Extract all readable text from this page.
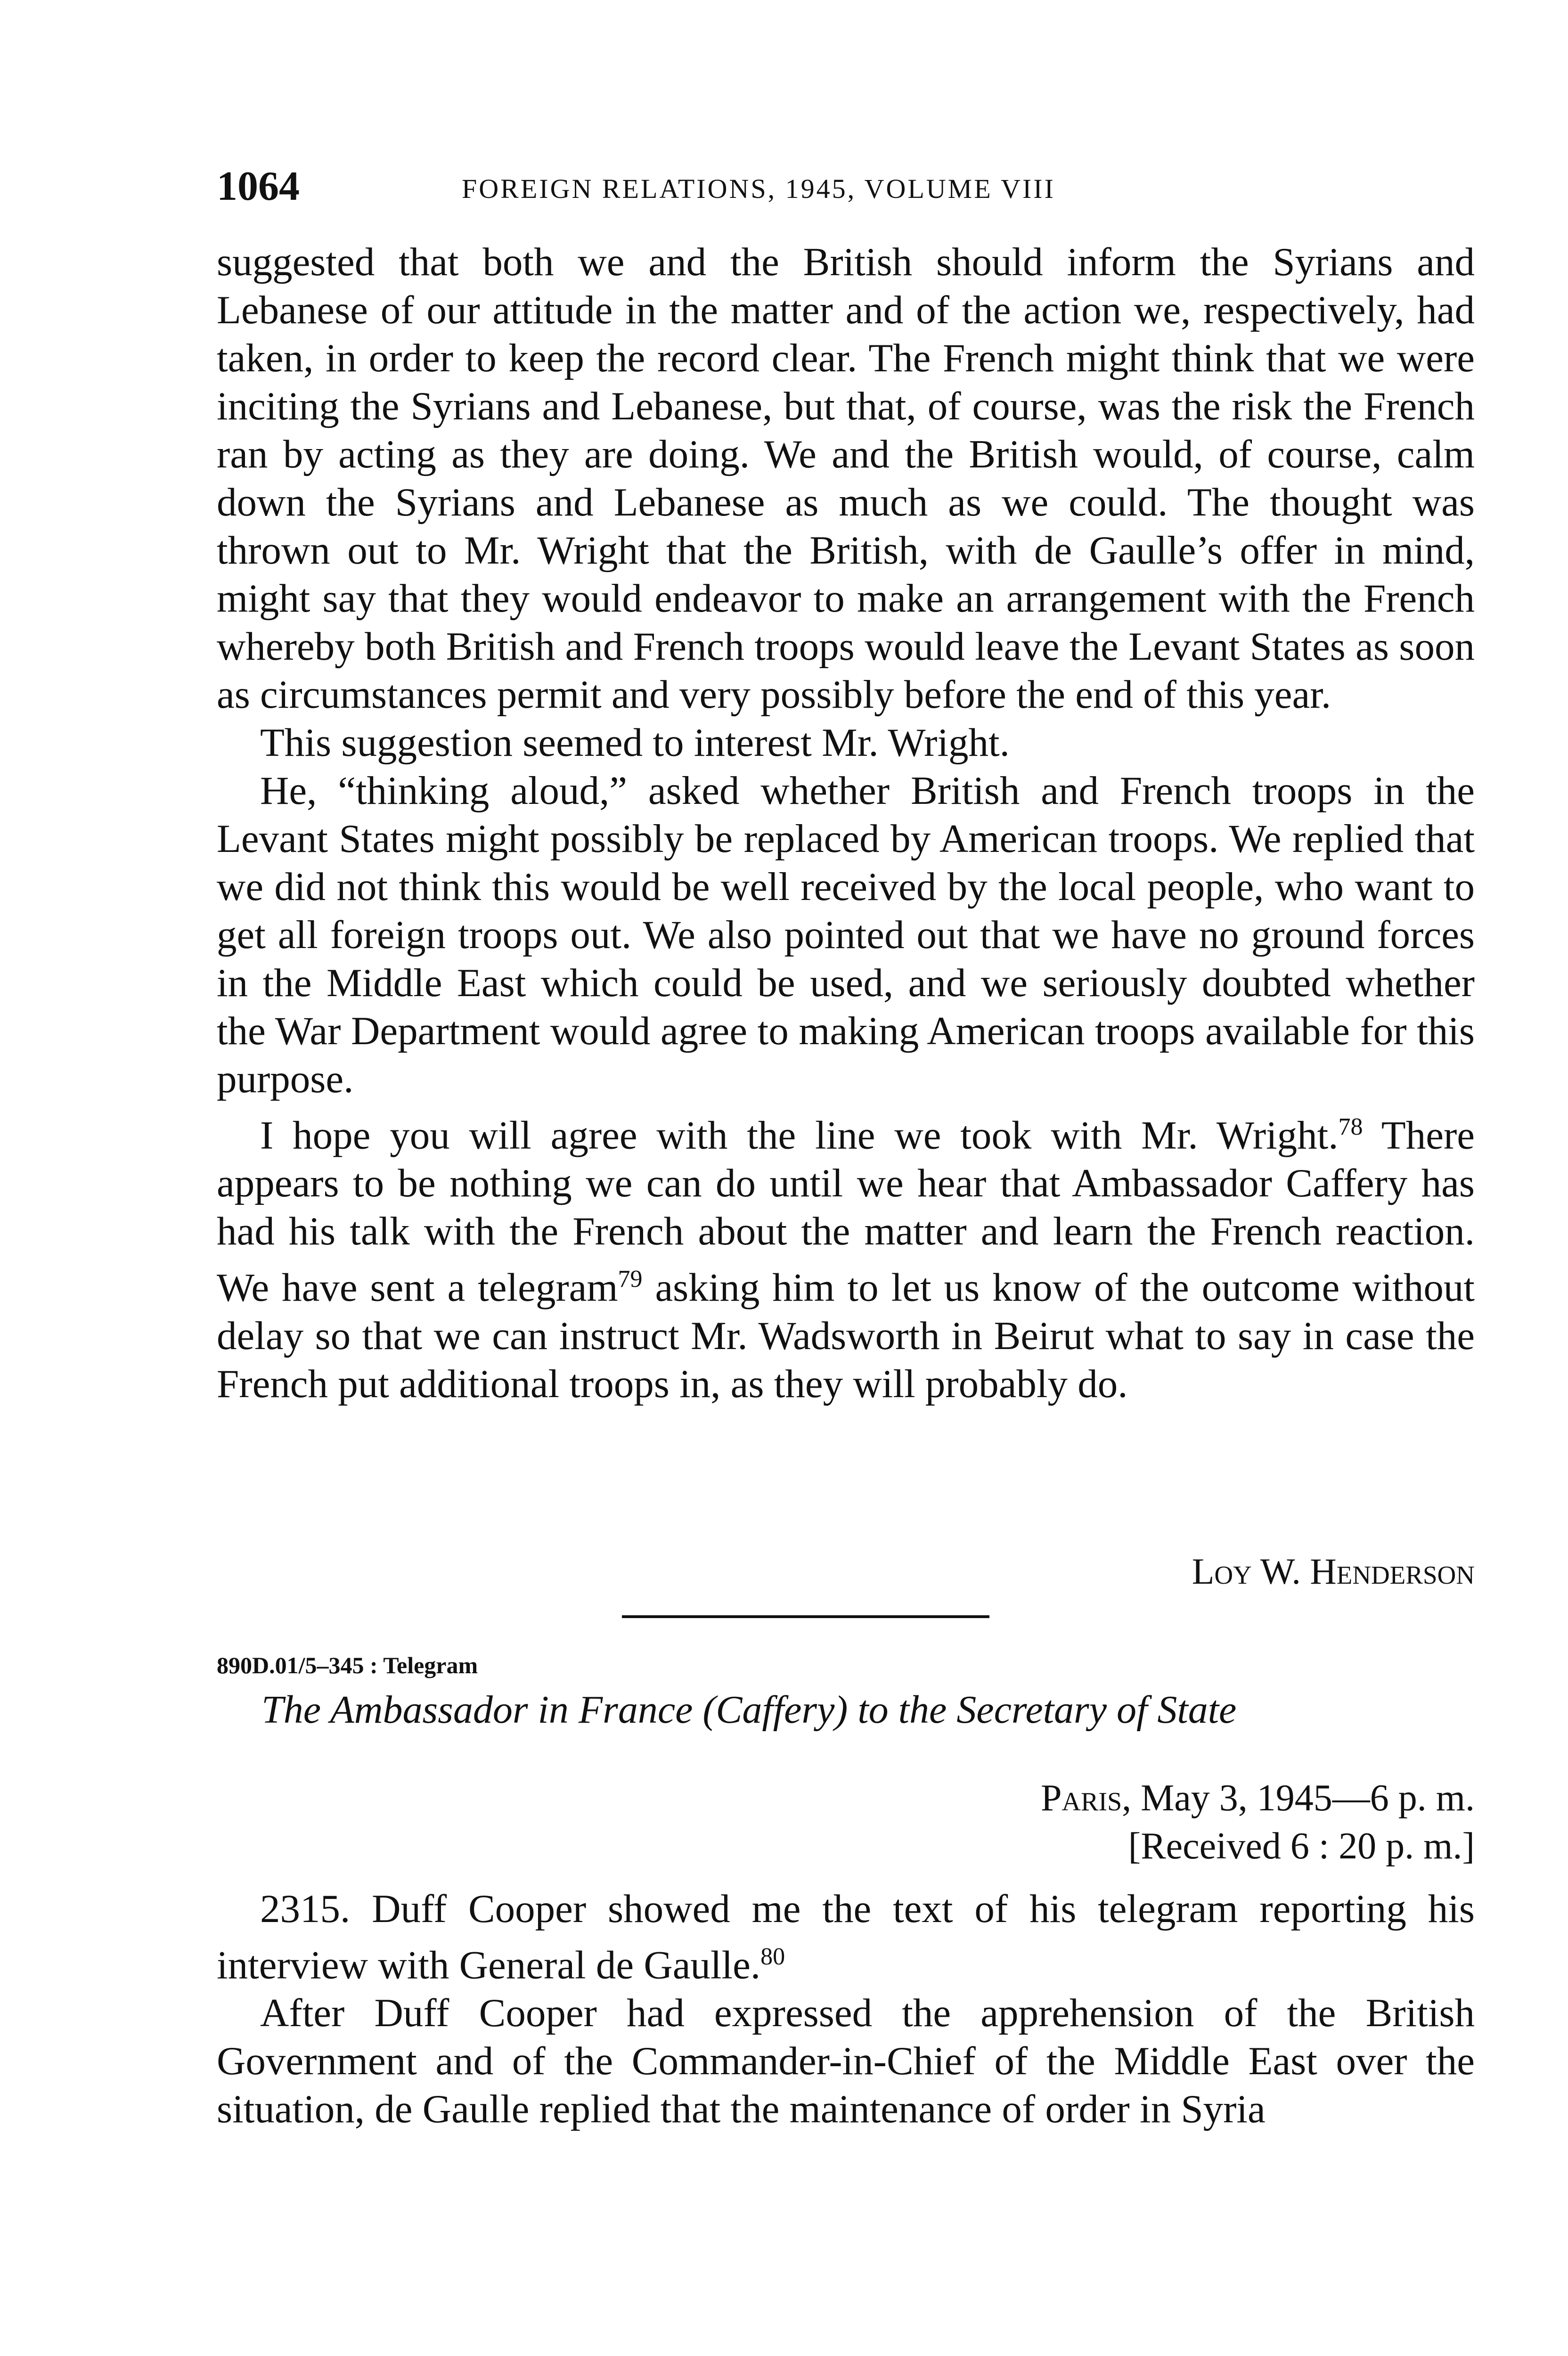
1064	FOREIGN RELATIONS, 1945, VOLUME VIII

suggested that both we and the British should inform the Syrians and Lebanese of our attitude in the matter and of the action we, respectively, had taken, in order to keep the record clear. The French might think that we were inciting the Syrians and Lebanese, but that, of course, was the risk the French ran by acting as they are doing. We and the British would, of course, calm down the Syrians and Lebanese as much as we could. The thought was thrown out to Mr. Wright that the British, with de Gaulle’s offer in mind, might say that they would endeavor to make an arrangement with the French whereby both British and French troops would leave the Levant States as soon as circumstances permit and very possibly before the end of this year.

This suggestion seemed to interest Mr. Wright.

He, “thinking aloud,” asked whether British and French troops in the Levant States might possibly be replaced by American troops. We replied that we did not think this would be well received by the local people, who want to get all foreign troops out. We also pointed out that we have no ground forces in the Middle East which could be used, and we seriously doubted whether the War Department would agree to making American troops available for this purpose.

I hope you will agree with the line we took with Mr. Wright.$^{78}$ There appears to be nothing we can do until we hear that Ambassador Caffery has had his talk with the French about the matter and learn the French reaction. We have sent a telegram$^{79}$ asking him to let us know of the outcome without delay so that we can instruct Mr. Wadsworth in Beirut what to say in case the French put additional troops in, as they will probably do.

Loy W. Henderson
890D.01/5–345 : Telegram
The Ambassador in France (Caffery) to the Secretary of State
Paris, May 3, 1945—6 p. m.
[Received 6 : 20 p. m.]

2315. Duff Cooper showed me the text of his telegram reporting his interview with General de Gaulle.$^{80}$

After Duff Cooper had expressed the apprehension of the British Government and of the Commander-in-Chief of the Middle East over the situation, de Gaulle replied that the maintenance of order in Syria
